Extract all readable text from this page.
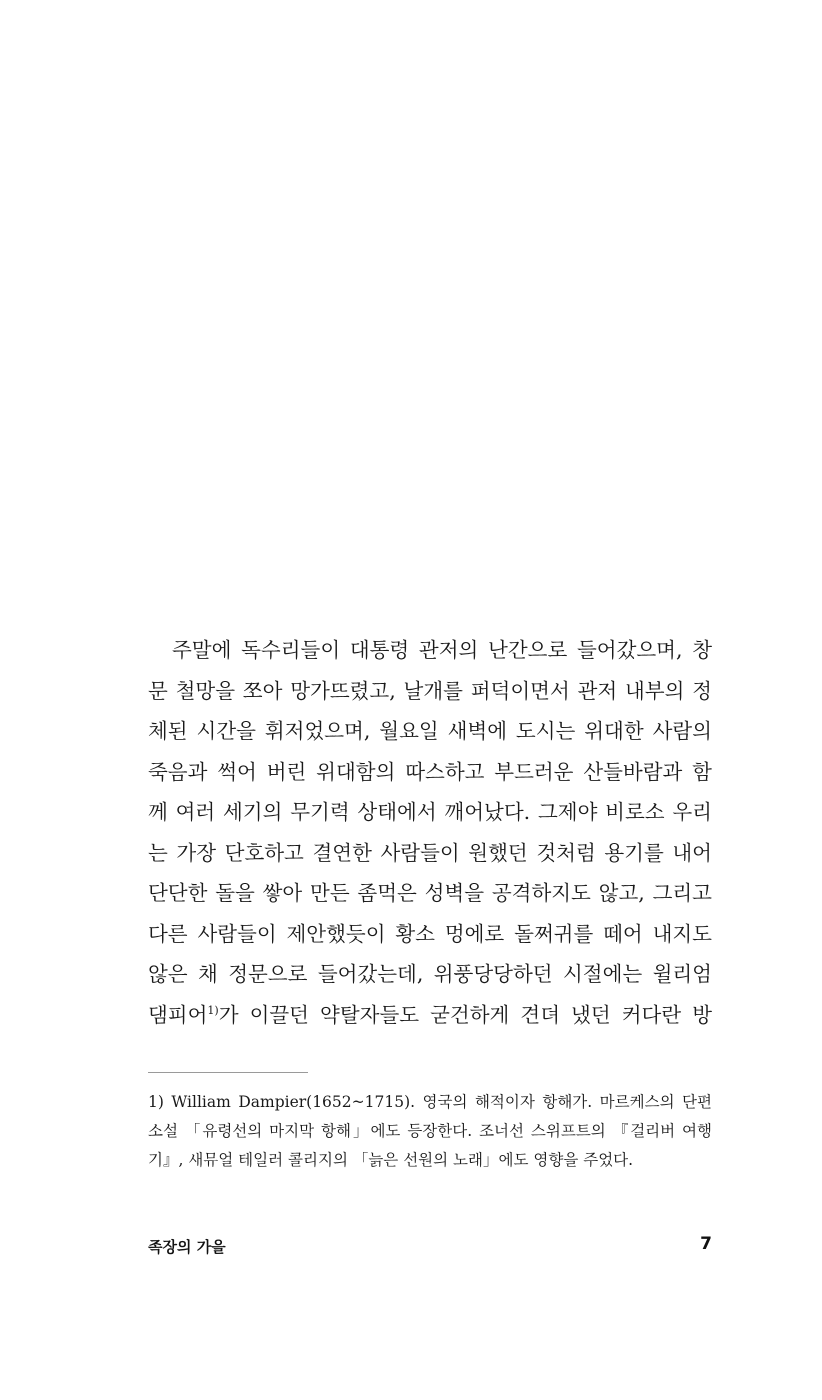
주말에 독수리들이 대통령 관저의 난간으로 들어갔으며, 창
문 철망을 쪼아 망가뜨렸고, 날개를 퍼덕이면서 관저 내부의 정
체된 시간을 휘저었으며, 월요일 새벽에 도시는 위대한 사람의
죽음과 썩어 버린 위대함의 따스하고 부드러운 산들바람과 함
께 여러 세기의 무기력 상태에서 깨어났다. 그제야 비로소 우리
는 가장 단호하고 결연한 사람들이 원했던 것처럼 용기를 내어
단단한 돌을 쌓아 만든 좀먹은 성벽을 공격하지도 않고, 그리고
다른 사람들이 제안했듯이 황소 멍에로 돌쩌귀를 떼어 내지도
않은 채 정문으로 들어갔는데, 위풍당당하던 시절에는 윌리엄
댐피어$^{1)}$가 이끌던 약탈자들도 굳건하게 견뎌 냈던 커다란 방
1) William Dampier(1652~1715). 영국의 해적이자 항해가. 마르케스의 단편
소설 「유령선의 마지막 항해」에도 등장한다. 조너선 스위프트의 『걸리버 여행
기』, 새뮤얼 테일러 콜리지의 「늙은 선원의 노래」에도 영향을 주었다.
족장의 가을	7
